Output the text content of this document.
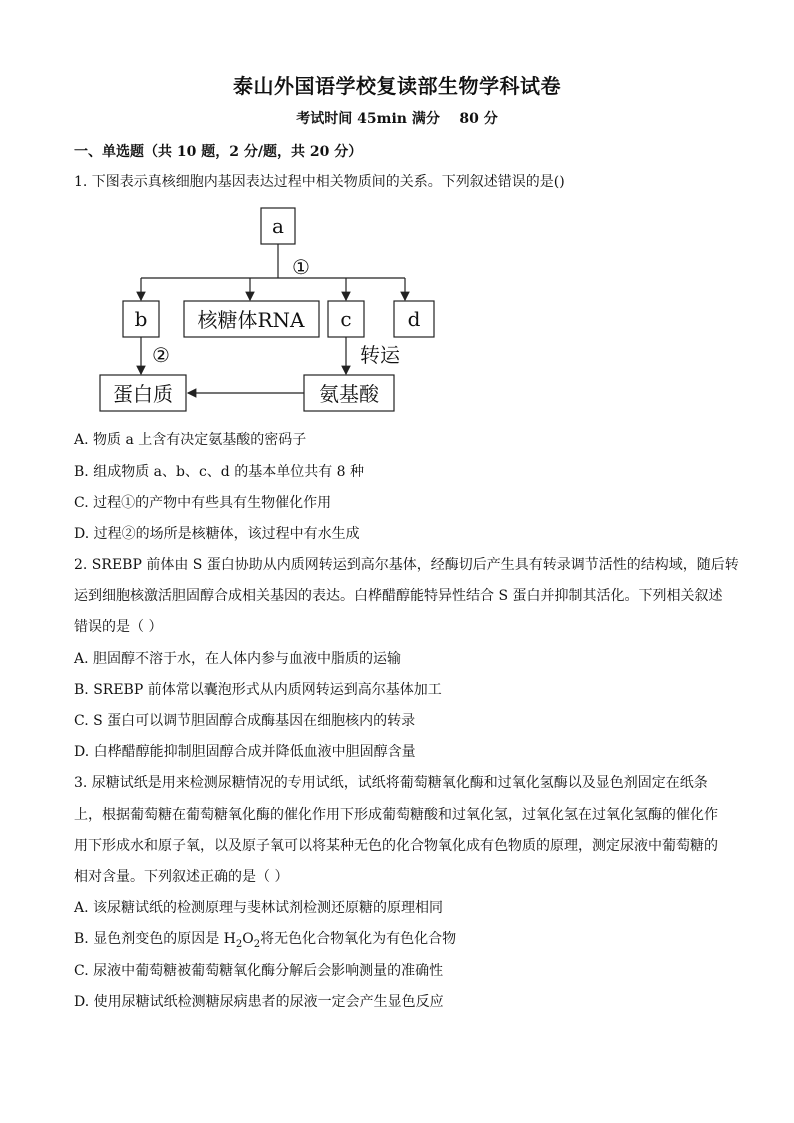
泰山外国语学校复读部生物学科试卷
考试时间 45min 满分    80 分
一、单选题（共 10 题，2 分/题，共 20 分）
1. 下图表示真核细胞内基因表达过程中相关物质间的关系。下列叙述错误的是()
a
①
b	核糖体RNA c	d
②	转运
蛋白质	氨基酸
A. 物质 a 上含有决定氨基酸的密码子
B. 组成物质 a、b、c、d 的基本单位共有 8 种
C. 过程①的产物中有些具有生物催化作用
D. 过程②的场所是核糖体，该过程中有水生成
2. SREBP 前体由 S 蛋白协助从内质网转运到高尔基体，经酶切后产生具有转录调节活性的结构域，随后转
运到细胞核激活胆固醇合成相关基因的表达。白桦醋醇能特异性结合 S 蛋白并抑制其活化。下列相关叙述
错误的是（ ）
A. 胆固醇不溶于水，在人体内参与血液中脂质的运输
B. SREBP 前体常以囊泡形式从内质网转运到高尔基体加工
C. S 蛋白可以调节胆固醇合成酶基因在细胞核内的转录
D. 白桦醋醇能抑制胆固醇合成并降低血液中胆固醇含量
3. 尿糖试纸是用来检测尿糖情况的专用试纸，试纸将葡萄糖氧化酶和过氧化氢酶以及显色剂固定在纸条
上，根据葡萄糖在葡萄糖氧化酶的催化作用下形成葡萄糖酸和过氧化氢，过氧化氢在过氧化氢酶的催化作
用下形成水和原子氧，以及原子氧可以将某种无色的化合物氧化成有色物质的原理，测定尿液中葡萄糖的
相对含量。下列叙述正确的是（ ）
A. 该尿糖试纸的检测原理与斐林试剂检测还原糖的原理相同
B. 显色剂变色的原因是 $H_2O_2$将无色化合物氧化为有色化合物
C. 尿液中葡萄糖被葡萄糖氧化酶分解后会影响测量的准确性
D. 使用尿糖试纸检测糖尿病患者的尿液一定会产生显色反应
